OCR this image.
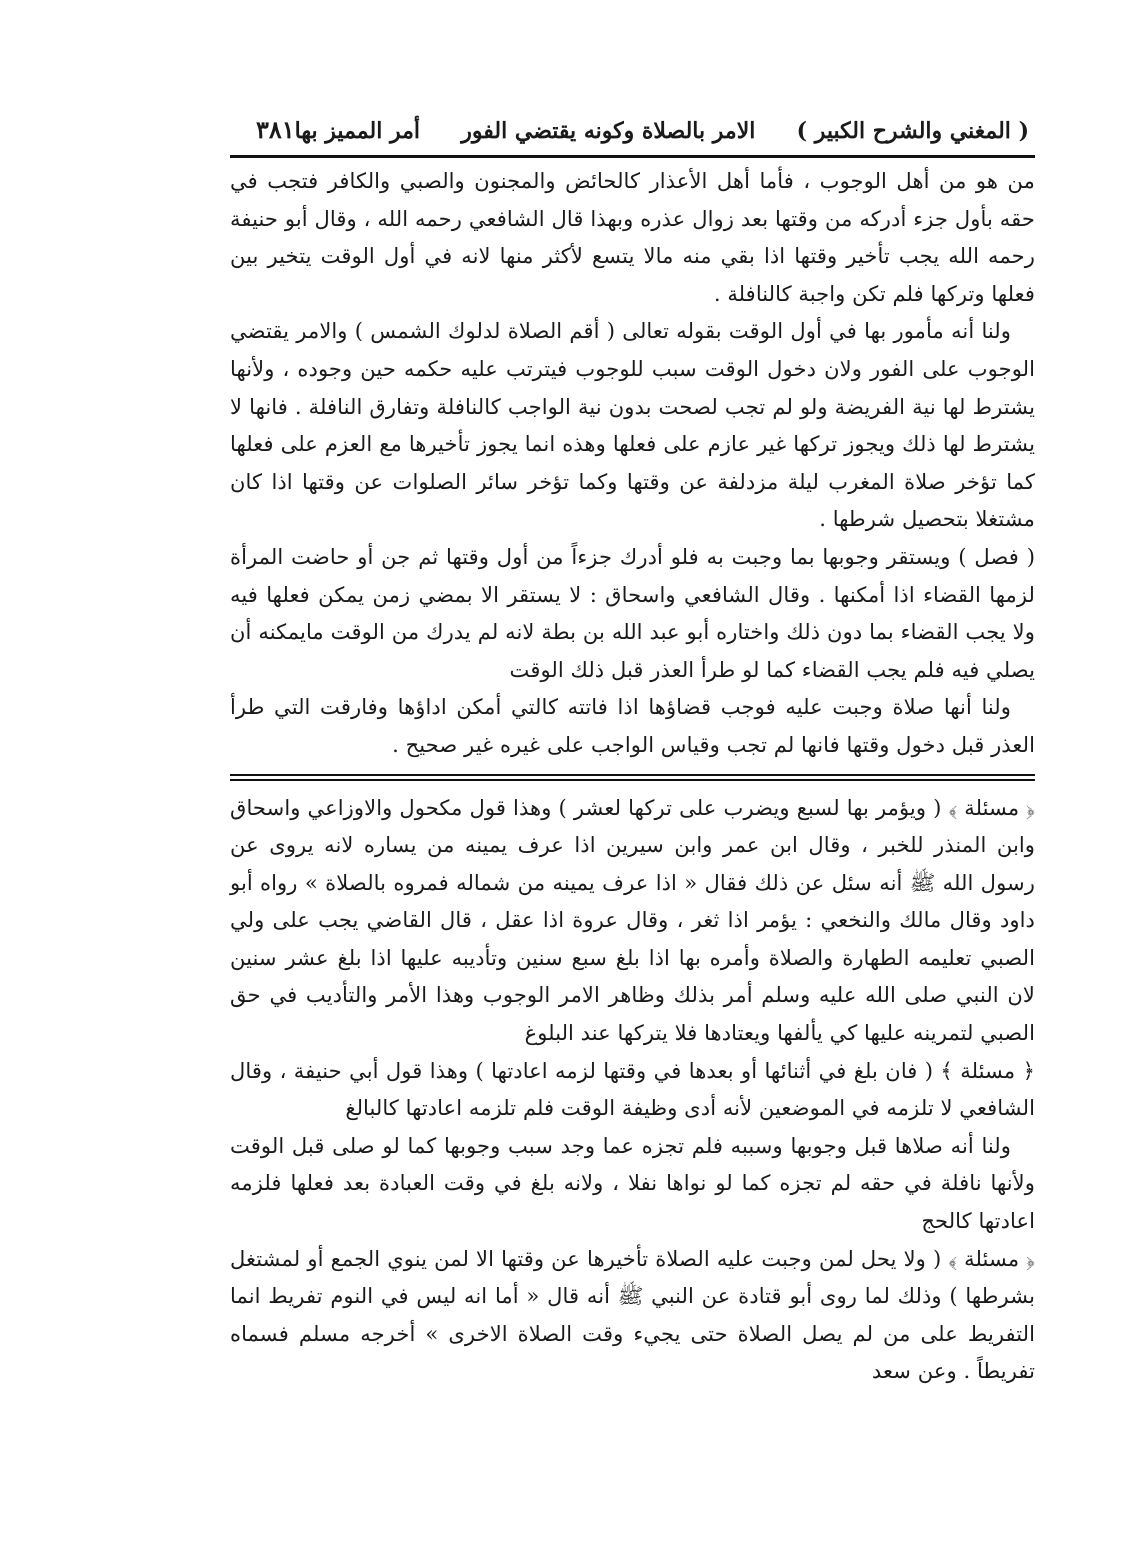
( المغني والشرح الكبير )
الامر بالصلاة وكونه يقتضي الفور
أمر المميز بها
٣٨١

من هو من أهل الوجوب ، فأما أهل الأعذار كالحائض والمجنون والصبي والكافر فتجب في حقه بأول جزء أدركه من وقتها بعد زوال عذره وبهذا قال الشافعي رحمه الله ، وقال أبو حنيفة رحمه الله يجب تأخير وقتها اذا بقي منه مالا يتسع لأكثر منها لانه في أول الوقت يتخير بين فعلها وتركها فلم تكن واجبة كالنافلة .

ولنا أنه مأمور بها في أول الوقت بقوله تعالى ( أقم الصلاة لدلوك الشمس ) والامر يقتضي الوجوب على الفور ولان دخول الوقت سبب للوجوب فيترتب عليه حكمه حين وجوده ، ولأنها يشترط لها نية الفريضة ولو لم تجب لصحت بدون نية الواجب كالنافلة وتفارق النافلة . فانها لا يشترط لها ذلك ويجوز تركها غير عازم على فعلها وهذه انما يجوز تأخيرها مع العزم على فعلها كما تؤخر صلاة المغرب ليلة مزدلفة عن وقتها وكما تؤخر سائر الصلوات عن وقتها اذا كان مشتغلا بتحصيل شرطها .

( فصل ) ويستقر وجوبها بما وجبت به فلو أدرك جزءاً من أول وقتها ثم جن أو حاضت المرأة لزمها القضاء اذا أمكنها . وقال الشافعي واسحاق : لا يستقر الا بمضي زمن يمكن فعلها فيه ولا يجب القضاء بما دون ذلك واختاره أبو عبد الله بن بطة لانه لم يدرك من الوقت مايمكنه أن يصلي فيه فلم يجب القضاء كما لو طرأ العذر قبل ذلك الوقت

ولنا أنها صلاة وجبت عليه فوجب قضاؤها اذا فاتته كالتي أمكن اداؤها وفارقت التي طرأ العذر قبل دخول وقتها فانها لم تجب وقياس الواجب على غيره غير صحيح .

﴿ مسئلة ﴾ ( ويؤمر بها لسبع ويضرب على تركها لعشر ) وهذا قول مكحول والاوزاعي واسحاق وابن المنذر للخبر ، وقال ابن عمر وابن سيرين اذا عرف يمينه من يساره لانه يروى عن رسول الله ﷺ أنه سئل عن ذلك فقال « اذا عرف يمينه من شماله فمروه بالصلاة » رواه أبو داود وقال مالك والنخعي : يؤمر اذا ثغر ، وقال عروة اذا عقل ، قال القاضي يجب على ولي الصبي تعليمه الطهارة والصلاة وأمره بها اذا بلغ سبع سنين وتأديبه عليها اذا بلغ عشر سنين لان النبي صلى الله عليه وسلم أمر بذلك وظاهر الامر الوجوب وهذا الأمر والتأديب في حق الصبي لتمرينه عليها كي يألفها ويعتادها فلا يتركها عند البلوغ

﴿ مسئلة ﴾ ( فان بلغ في أثنائها أو بعدها في وقتها لزمه اعادتها ) وهذا قول أبي حنيفة ، وقال الشافعي لا تلزمه في الموضعين لأنه أدى وظيفة الوقت فلم تلزمه اعادتها كالبالغ

ولنا أنه صلاها قبل وجوبها وسببه فلم تجزه عما وجد سبب وجوبها كما لو صلى قبل الوقت ولأنها نافلة في حقه لم تجزه كما لو نواها نفلا ، ولانه بلغ في وقت العبادة بعد فعلها فلزمه اعادتها كالحج

﴿ مسئلة ﴾ ( ولا يحل لمن وجبت عليه الصلاة تأخيرها عن وقتها الا لمن ينوي الجمع أو لمشتغل بشرطها ) وذلك لما روى أبو قتادة عن النبي ﷺ أنه قال « أما انه ليس في النوم تفريط انما التفريط على من لم يصل الصلاة حتى يجيء وقت الصلاة الاخرى » أخرجه مسلم فسماه تفريطاً . وعن سعد
